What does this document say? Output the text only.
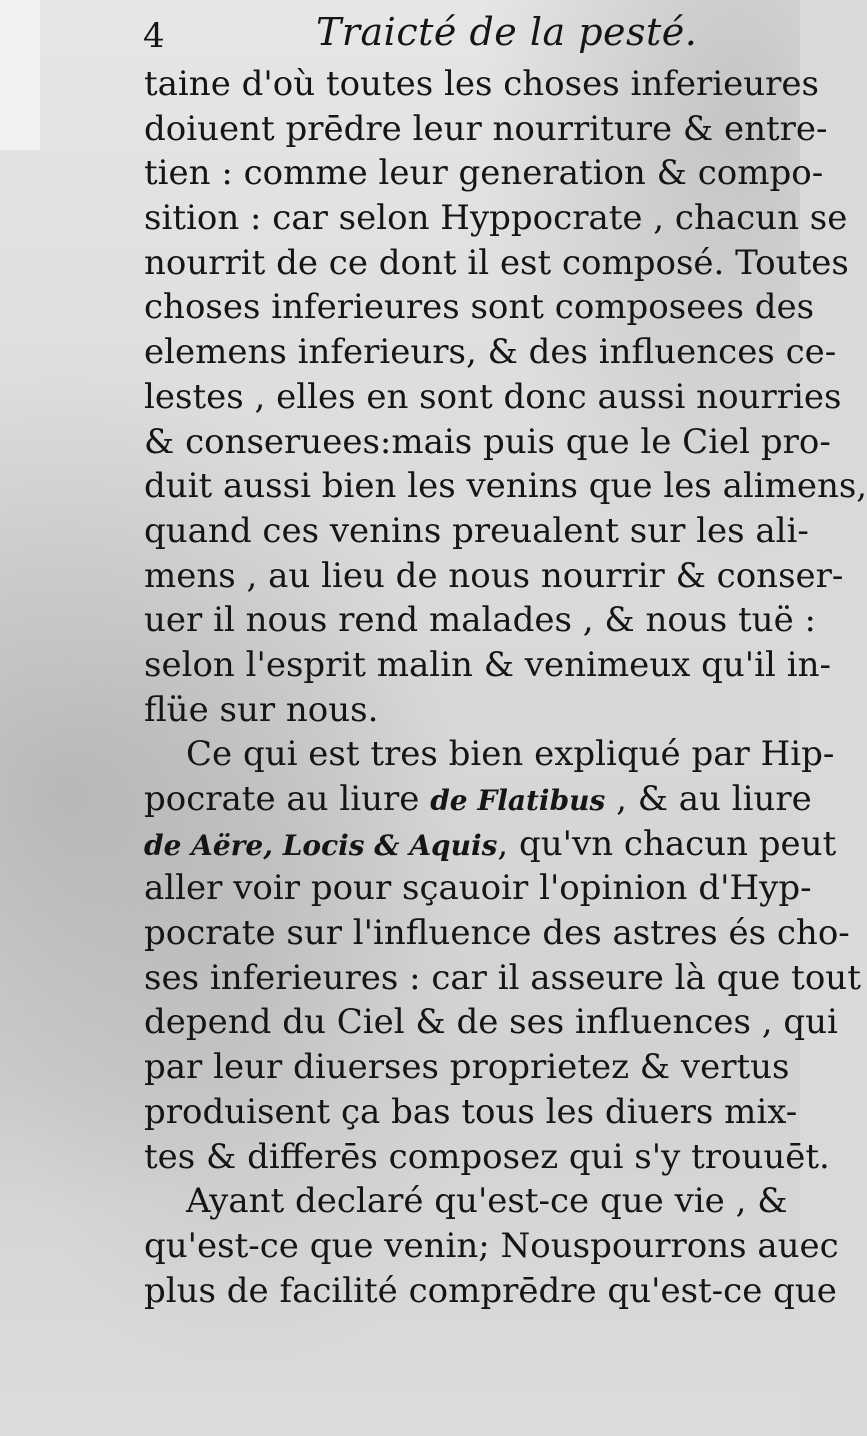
4	Traicté de la pesté.
taine d'où toutes les choses inferieures
doiuent prēdre leur nourriture & entre-
tien : comme leur generation & compo-
sition : car selon Hyppocrate , chacun se
nourrit de ce dont il est composé. Toutes
choses inferieures sont composees des
elemens inferieurs, & des influences ce-
lestes , elles en sont donc aussi nourries
& conseruees:mais puis que le Ciel pro-
duit aussi bien les venins que les alimens,
quand ces venins preualent sur les ali-
mens , au lieu de nous nourrir & conser-
uer il nous rend malades , & nous tuë :
selon l'esprit malin & venimeux qu'il in-
flüe sur nous.
Ce qui est tres bien expliqué par Hip-
pocrate au liure de Flatibus , & au liure
de Aëre, Locis & Aquis, qu'vn chacun peut
aller voir pour sçauoir l'opinion d'Hyp-
pocrate sur l'influence des astres és cho-
ses inferieures : car il asseure là que tout
depend du Ciel & de ses influences , qui
par leur diuerses proprietez & vertus
produisent ça bas tous les diuers mix-
tes & differēs composez qui s'y trouuēt.
Ayant declaré qu'est-ce que vie , &
qu'est-ce que venin; Nouspourrons auec
plus de facilité comprēdre qu'est-ce que
